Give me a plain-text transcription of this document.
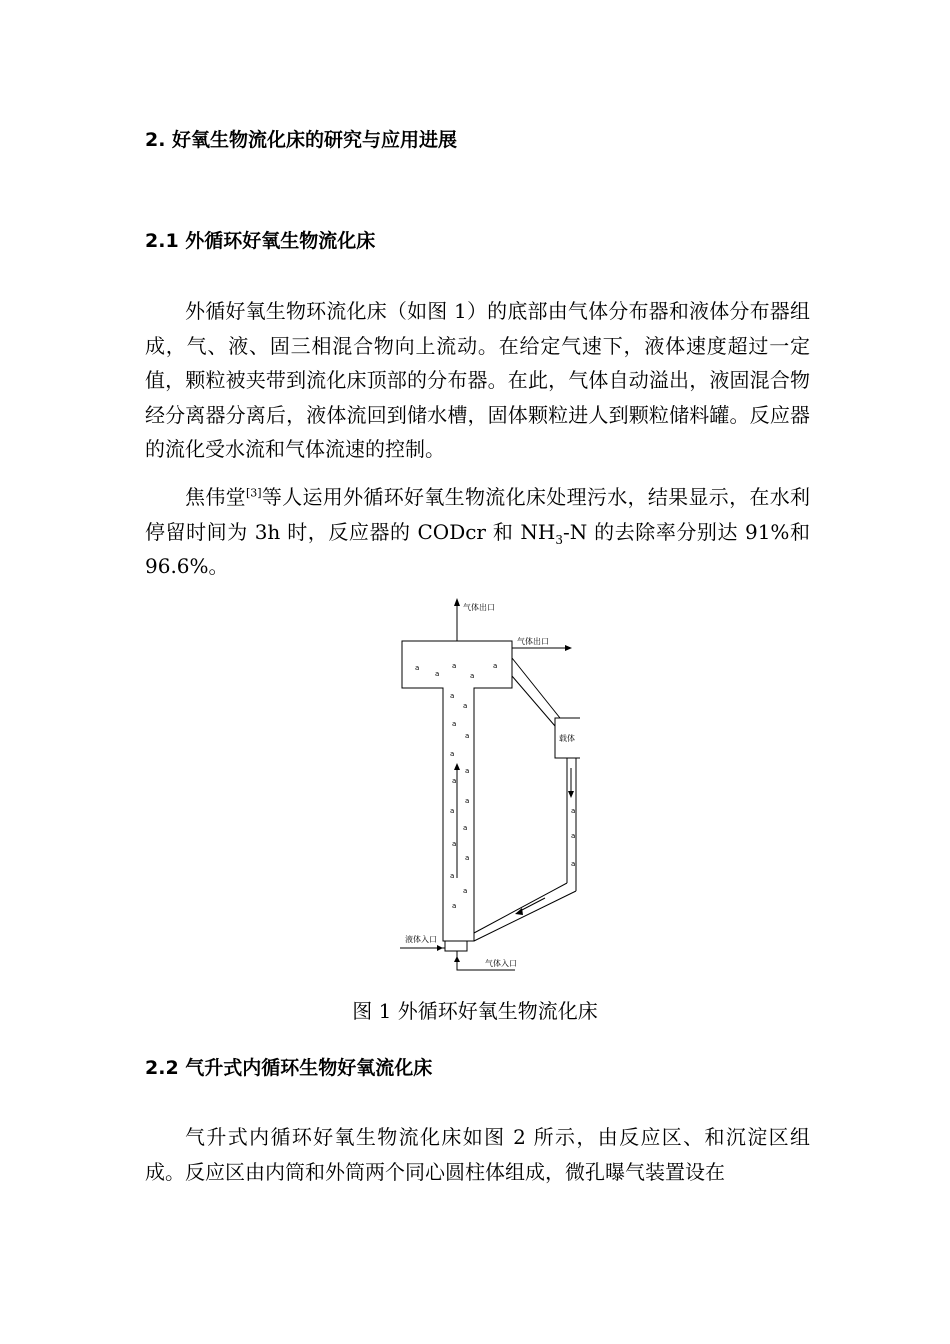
2. 好氧生物流化床的研究与应用进展
2.1 外循环好氧生物流化床

外循好氧生物环流化床（如图 1）的底部由气体分布器和液体分布器组成，气、液、固三相混合物向上流动。在给定气速下，液体速度超过一定值，颗粒被夹带到流化床顶部的分布器。在此，气体自动溢出，液固混合物经分离器分离后，液体流回到储水槽，固体颗粒进人到颗粒储料罐。反应器的流化受水流和气体流速的控制。

焦伟堂[3]等人运用外循环好氧生物流化床处理污水，结果显示，在水利停留时间为 3h 时，反应器的 CODcr 和 $NH_3-N$ 的去除率分别达 91%和 96.6%。

a
a
a
a
a
a
a
a
a
a
a
a
a
a
a
a
a
a
a
a
a
a
a
气体出口
气体出口
载体
液体入口
气体入口

图 1 外循环好氧生物流化床

2.2 气升式内循环生物好氧流化床

气升式内循环好氧生物流化床如图 2 所示，由反应区、和沉淀区组成。反应区由内筒和外筒两个同心圆柱体组成，微孔曝气装置设在
